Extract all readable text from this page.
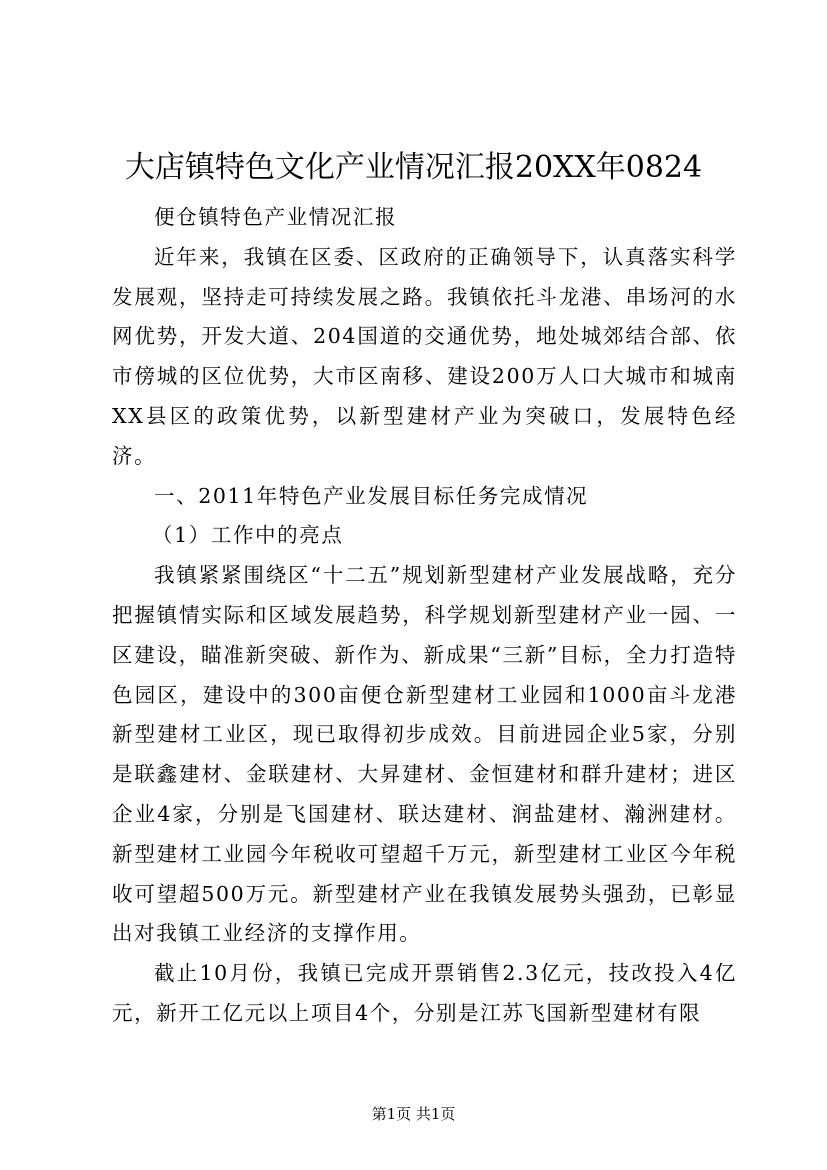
大店镇特色文化产业情况汇报20XX年0824

便仓镇特色产业情况汇报

近年来，我镇在区委、区政府的正确领导下，认真落实科学发展观，坚持走可持续发展之路。我镇依托斗龙港、串场河的水网优势，开发大道、204国道的交通优势，地处城郊结合部、依市傍城的区位优势，大市区南移、建设200万人口大城市和城南XX县区的政策优势，以新型建材产业为突破口，发展特色经济。

一、2011年特色产业发展目标任务完成情况

（1）工作中的亮点

我镇紧紧围绕区“十二五”规划新型建材产业发展战略，充分把握镇情实际和区域发展趋势，科学规划新型建材产业一园、一区建设，瞄准新突破、新作为、新成果“三新”目标，全力打造特色园区，建设中的300亩便仓新型建材工业园和1000亩斗龙港新型建材工业区，现已取得初步成效。目前进园企业5家，分别是联鑫建材、金联建材、大昇建材、金恒建材和群升建材；进区企业4家，分别是飞国建材、联达建材、润盐建材、瀚洲建材。新型建材工业园今年税收可望超千万元，新型建材工业区今年税收可望超500万元。新型建材产业在我镇发展势头强劲，已彰显出对我镇工业经济的支撑作用。

截止10月份，我镇已完成开票销售2.3亿元，技改投入4亿元，新开工亿元以上项目4个，分别是江苏飞国新型建材有限

第1页 共1页
